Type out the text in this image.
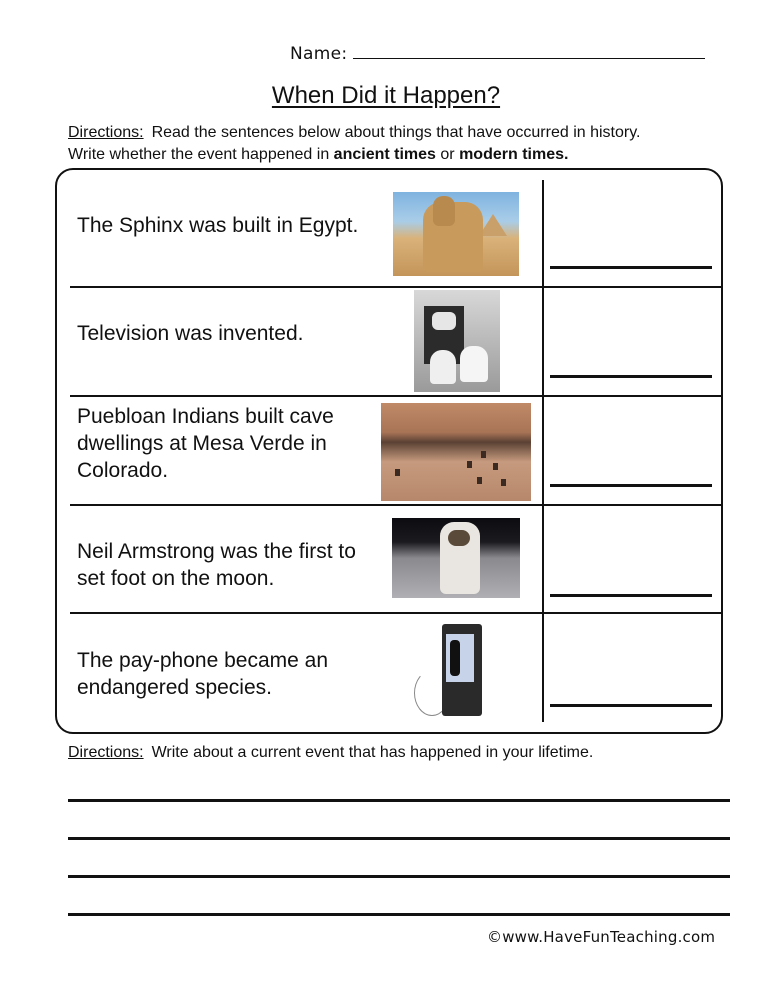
Name:
When Did it Happen?
Directions: Read the sentences below about things that have occurred in history.
Write whether the event happened in ancient times or modern times.
The Sphinx was built in Egypt.
Television was invented.
Puebloan Indians built cave dwellings at Mesa Verde in Colorado.
Neil Armstrong was the first to set foot on the moon.
The pay-phone became an endangered species.
Directions: Write about a current event that has happened in your lifetime.
©www.HaveFunTeaching.com
